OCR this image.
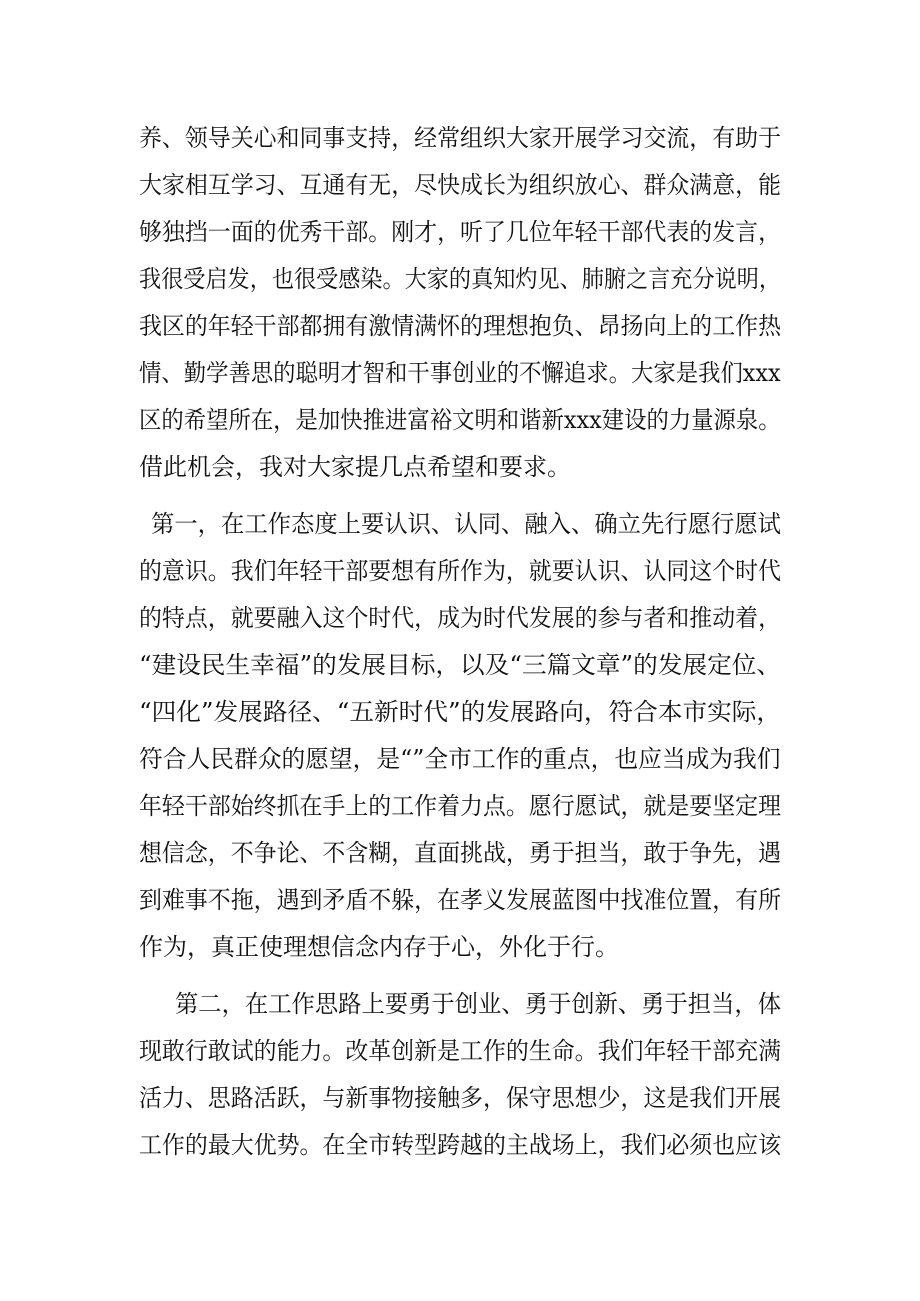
养、领导关心和同事支持，经常组织大家开展学习交流，有助于
大家相互学习、互通有无，尽快成长为组织放心、群众满意，能
够独挡一面的优秀干部。刚才，听了几位年轻干部代表的发言，
我很受启发，也很受感染。大家的真知灼见、肺腑之言充分说明，
我区的年轻干部都拥有激情满怀的理想抱负、昂扬向上的工作热
情、勤学善思的聪明才智和干事创业的不懈追求。大家是我们xxx
区的希望所在，是加快推进富裕文明和谐新xxx建设的力量源泉。
借此机会，我对大家提几点希望和要求。
第一，在工作态度上要认识、认同、融入、确立先行愿行愿试
的意识。我们年轻干部要想有所作为，就要认识、认同这个时代
的特点，就要融入这个时代，成为时代发展的参与者和推动着，
“建设民生幸福”的发展目标，以及“三篇文章”的发展定位、
“四化”发展路径、“五新时代”的发展路向，符合本市实际，
符合人民群众的愿望，是“”全市工作的重点，也应当成为我们
年轻干部始终抓在手上的工作着力点。愿行愿试，就是要坚定理
想信念，不争论、不含糊，直面挑战，勇于担当，敢于争先，遇
到难事不拖，遇到矛盾不躲，在孝义发展蓝图中找准位置，有所
作为，真正使理想信念内存于心，外化于行。
第二，在工作思路上要勇于创业、勇于创新、勇于担当，体
现敢行敢试的能力。改革创新是工作的生命。我们年轻干部充满
活力、思路活跃，与新事物接触多，保守思想少，这是我们开展
工作的最大优势。在全市转型跨越的主战场上，我们必须也应该
